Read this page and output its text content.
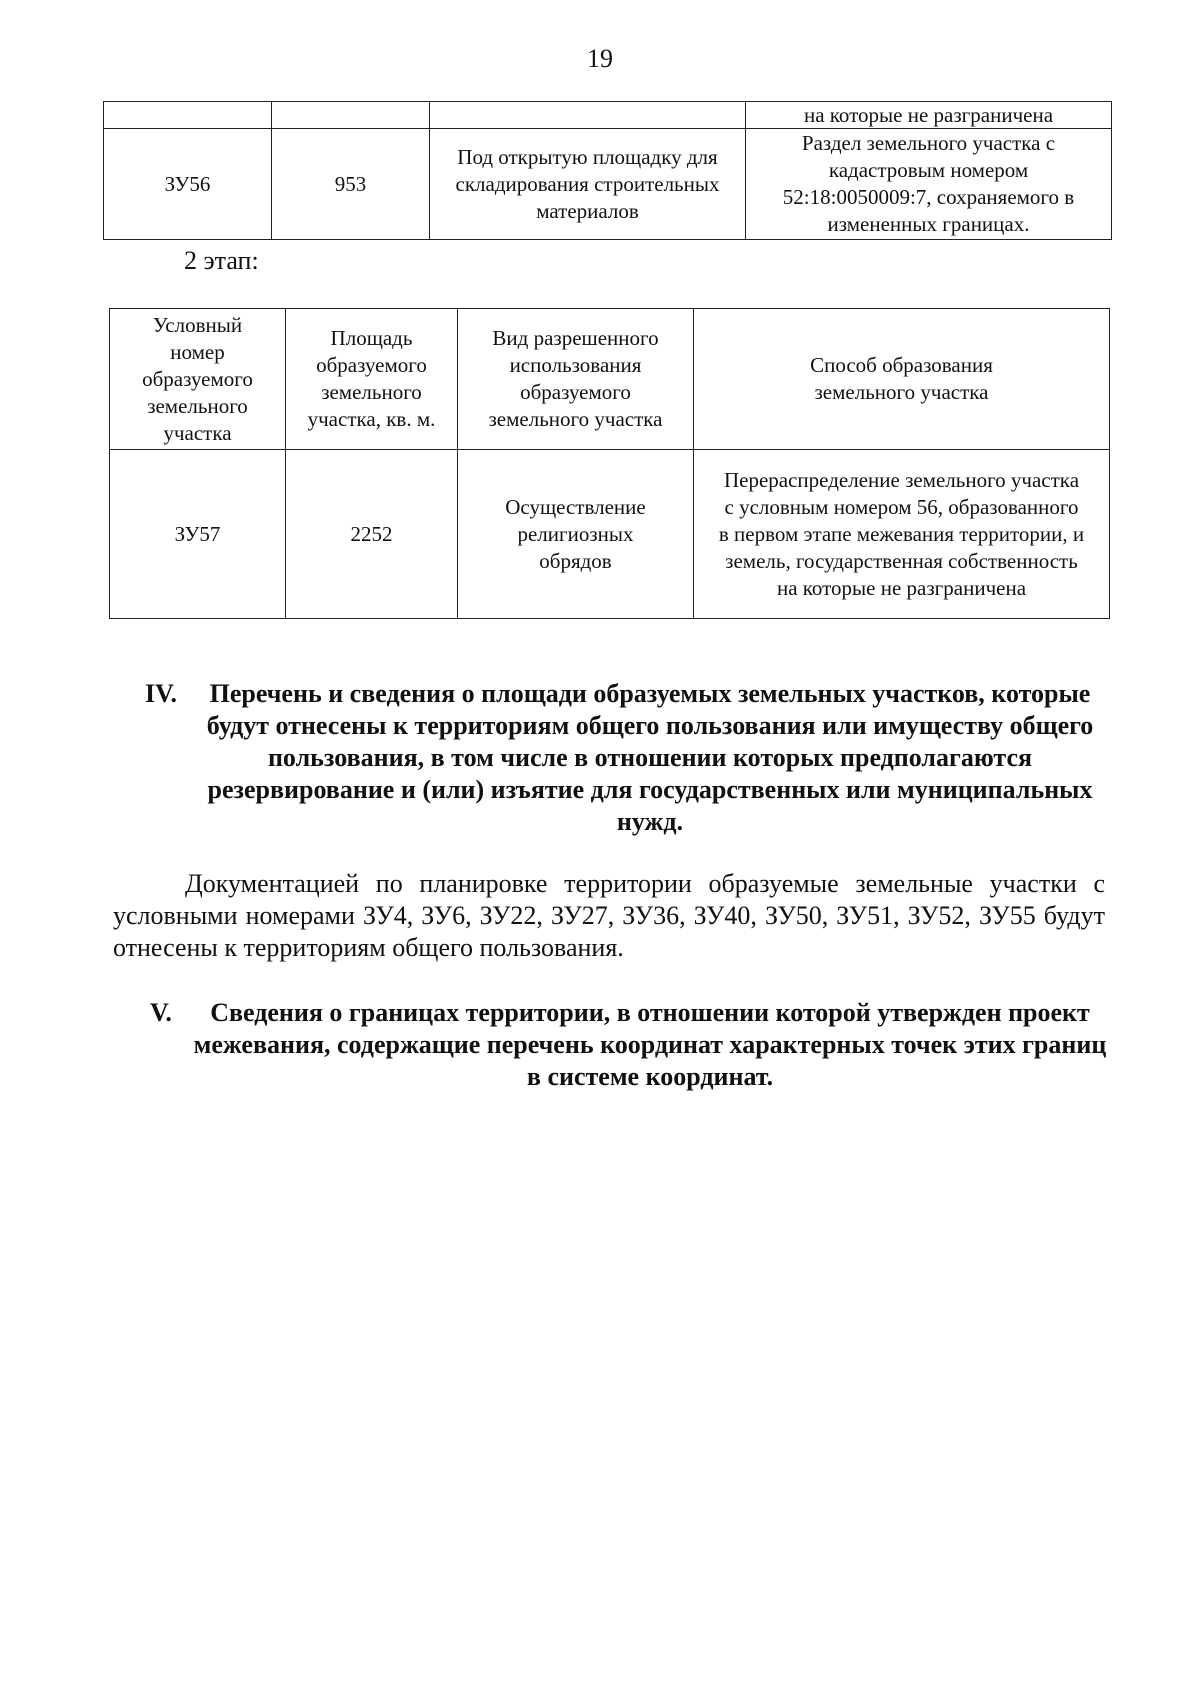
19
			на которые не разграничена
ЗУ56	953	Под открытую площадку для складирования строительных материалов	Раздел земельного участка с кадастровым номером 52:18:0050009:7, сохраняемого в измененных границах.
2 этап:
Условный номер образуемого земельного участка	Площадь образуемого земельного участка, кв. м.	Вид разрешенного использования образуемого земельного участка	Способ образования земельного участка
ЗУ57	2252	Осуществление религиозных обрядов	Перераспределение земельного участка с условным номером 56, образованного в первом этапе межевания территории, и земель, государственная собственность на которые не разграничена
IV.	Перечень и сведения о площади образуемых земельных участков, которые будут отнесены к территориям общего пользования или имуществу общего пользования, в том числе в отношении которых предполагаются резервирование и (или) изъятие для государственных или муниципальных нужд.
Документацией по планировке территории образуемые земельные участки с условными номерами ЗУ4, ЗУ6, ЗУ22, ЗУ27, ЗУ36, ЗУ40, ЗУ50, ЗУ51, ЗУ52, ЗУ55 будут отнесены к территориям общего пользования.
V.	Сведения о границах территории, в отношении которой утвержден проект межевания, содержащие перечень координат характерных точек этих границ в системе координат.
